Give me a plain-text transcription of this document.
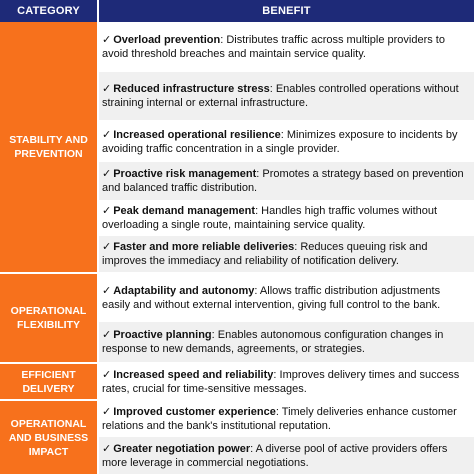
CATEGORY	BENEFIT
STABILITY AND PREVENTION
OPERATIONAL FLEXIBILITY
EFFICIENT DELIVERY
OPERATIONAL AND BUSINESS IMPACT
✓ Overload prevention: Distributes traffic across multiple providers to avoid threshold breaches and maintain service quality.
✓ Reduced infrastructure stress: Enables controlled operations without straining internal or external infrastructure.
✓ Increased operational resilience: Minimizes exposure to incidents by avoiding traffic concentration in a single provider.
✓ Proactive risk management: Promotes a strategy based on prevention and balanced traffic distribution.
✓ Peak demand management: Handles high traffic volumes without overloading a single route, maintaining service quality.
✓ Faster and more reliable deliveries: Reduces queuing risk and improves the immediacy and reliability of notification delivery.
✓ Adaptability and autonomy: Allows traffic distribution adjustments easily and without external intervention, giving full control to the bank.
✓ Proactive planning: Enables autonomous configuration changes in response to new demands, agreements, or strategies.
✓ Increased speed and reliability: Improves delivery times and success rates, crucial for time-sensitive messages.
✓ Improved customer experience: Timely deliveries enhance customer relations and the bank's institutional reputation.
✓ Greater negotiation power: A diverse pool of active providers offers more leverage in commercial negotiations.
